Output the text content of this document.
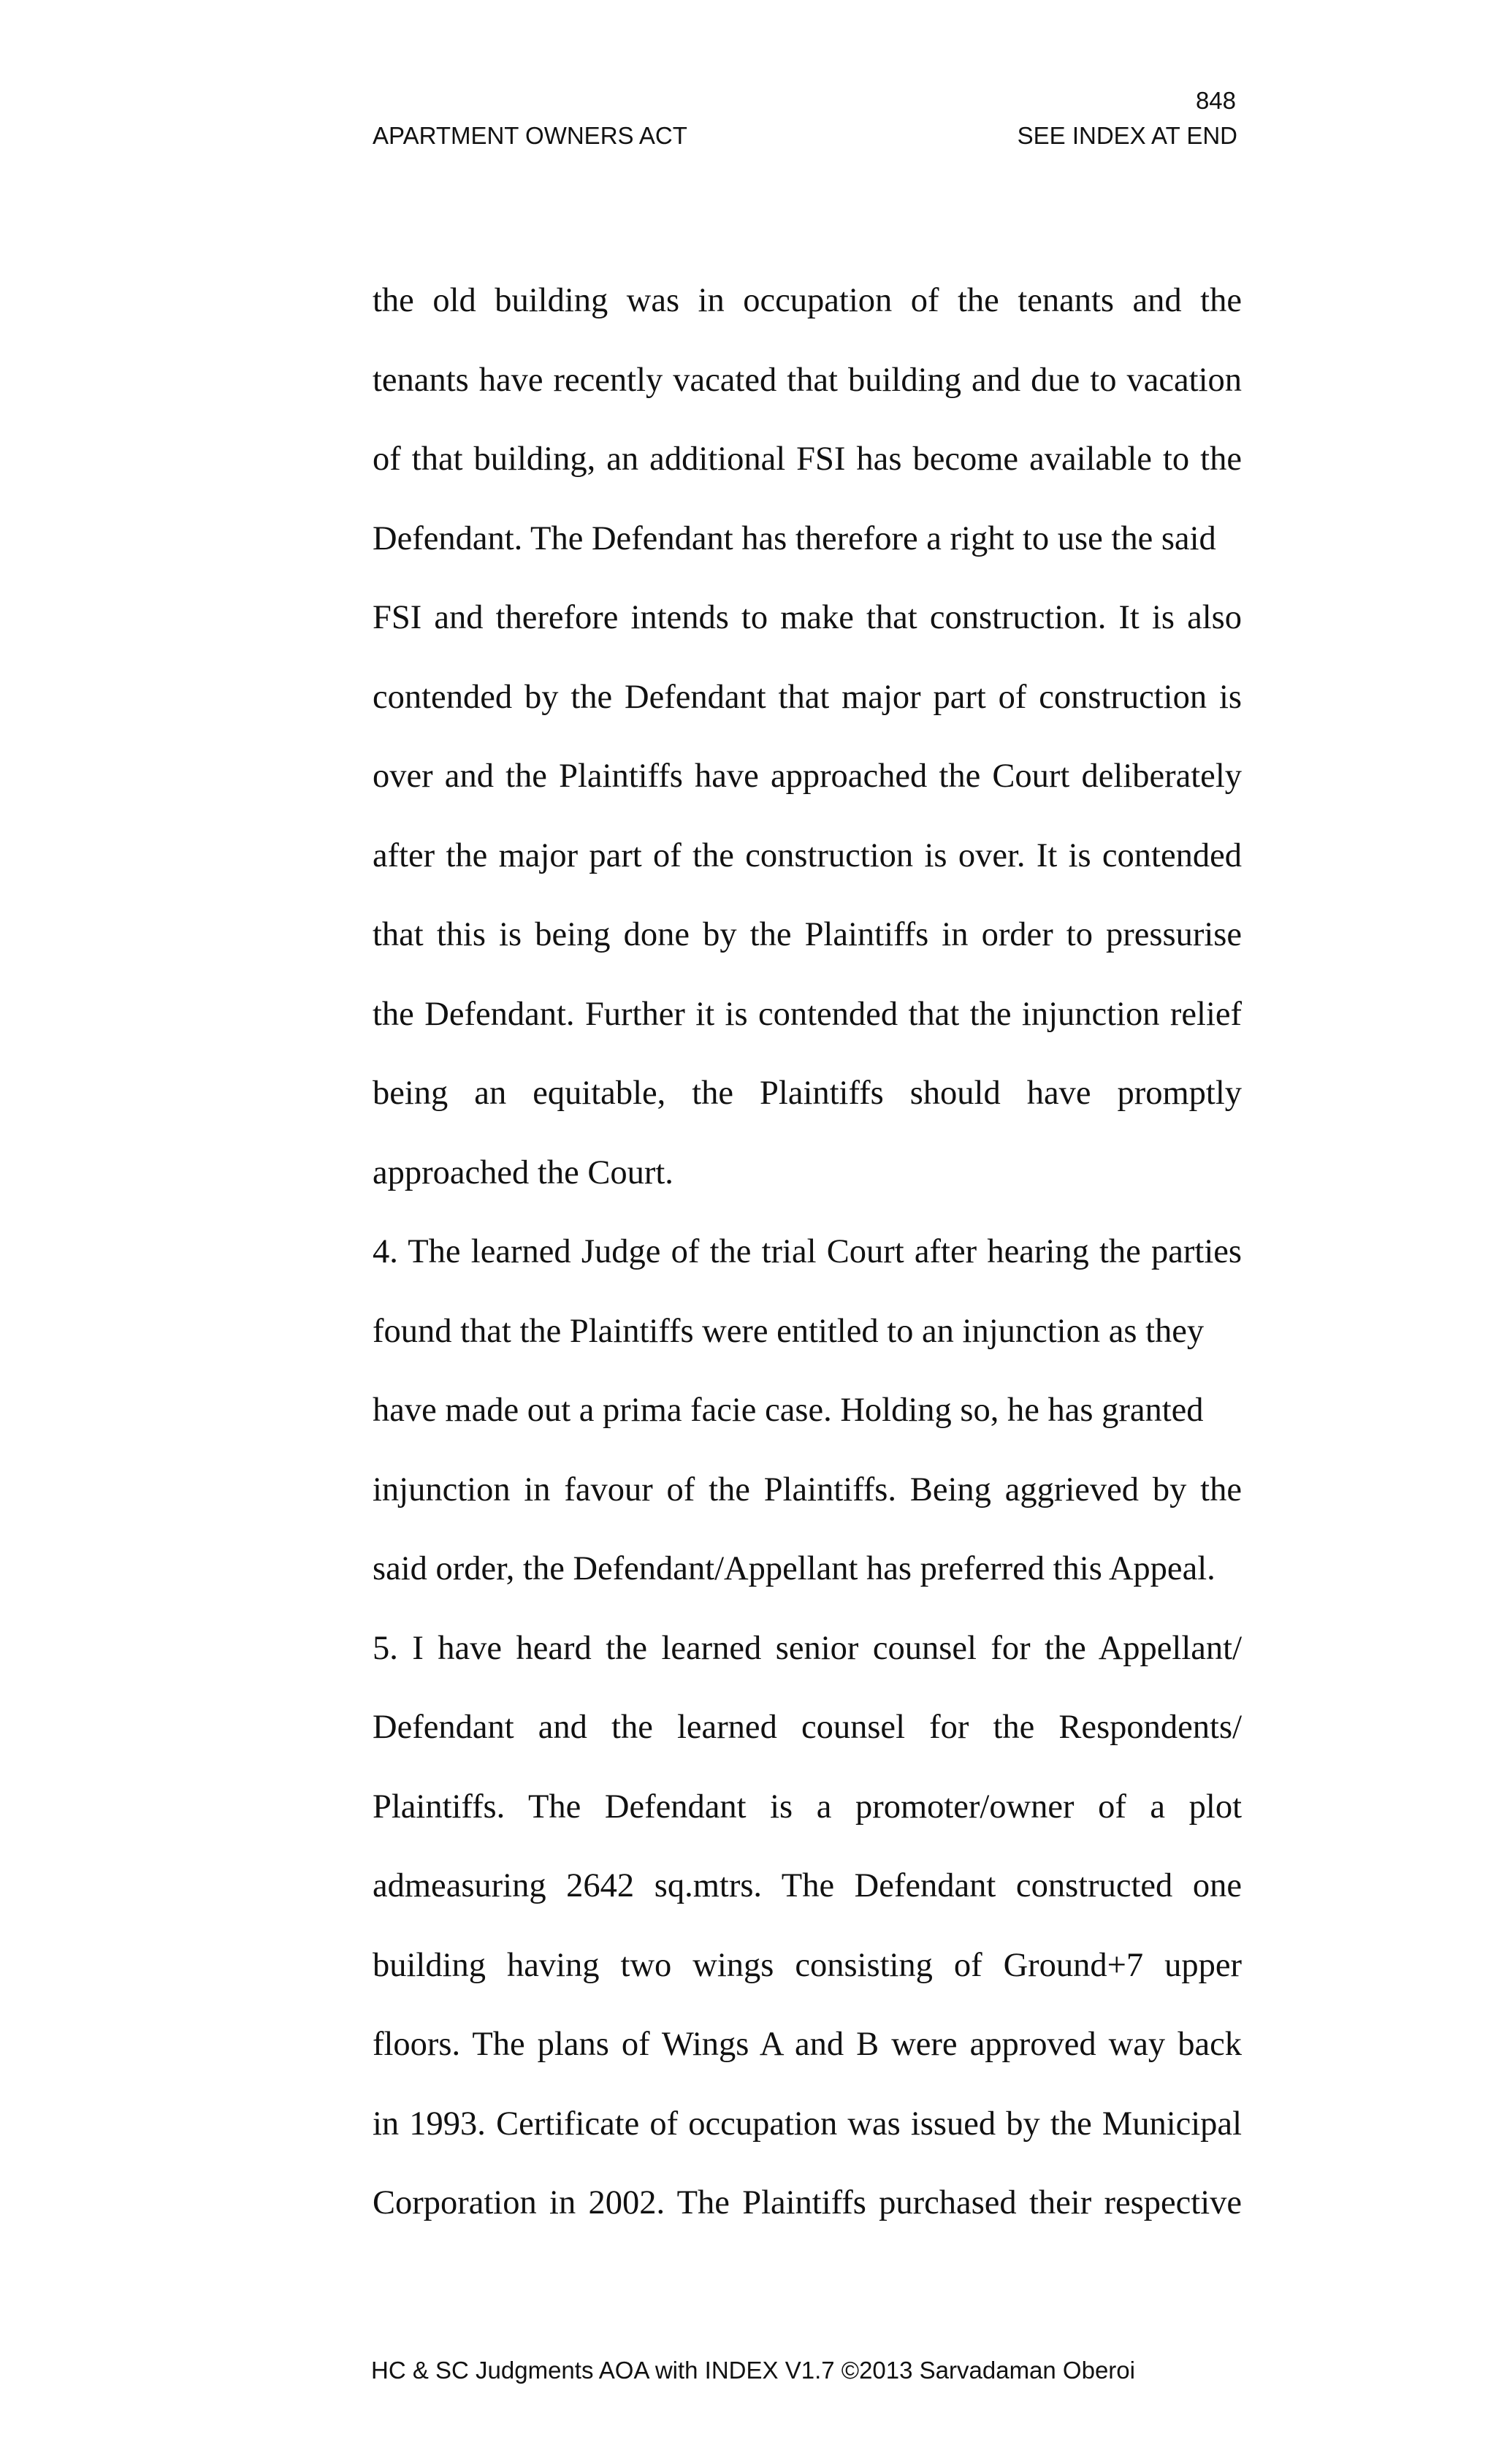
848

APARTMENT OWNERS ACT	SEE INDEX AT END
the old building was in occupation of the tenants and the
tenants have recently vacated that building and due to vacation
of that building, an additional FSI has become available to the
Defendant. The Defendant has therefore a right to use the said
FSI and therefore intends to make that construction. It is also
contended by the Defendant that major part of construction is
over and the Plaintiffs have approached the Court deliberately
after the major part of the construction is over. It is contended
that this is being done by the Plaintiffs in order to pressurise
the Defendant. Further it is contended that the injunction relief
being an equitable, the Plaintiffs should have promptly
approached the Court.
4. The learned Judge of the trial Court after hearing the parties
found that the Plaintiffs were entitled to an injunction as they
have made out a prima facie case. Holding so, he has granted
injunction in favour of the Plaintiffs. Being aggrieved by the
said order, the Defendant/Appellant has preferred this Appeal.
5. I have heard the learned senior counsel for the Appellant/
Defendant and the learned counsel for the Respondents/
Plaintiffs. The Defendant is a promoter/owner of a plot
admeasuring 2642 sq.mtrs. The Defendant constructed one
building having two wings consisting of Ground+7 upper
floors. The plans of Wings A and B were approved way back
in 1993. Certificate of occupation was issued by the Municipal
Corporation in 2002. The Plaintiffs purchased their respective
HC & SC Judgments AOA with INDEX V1.7 ©2013 Sarvadaman Oberoi
